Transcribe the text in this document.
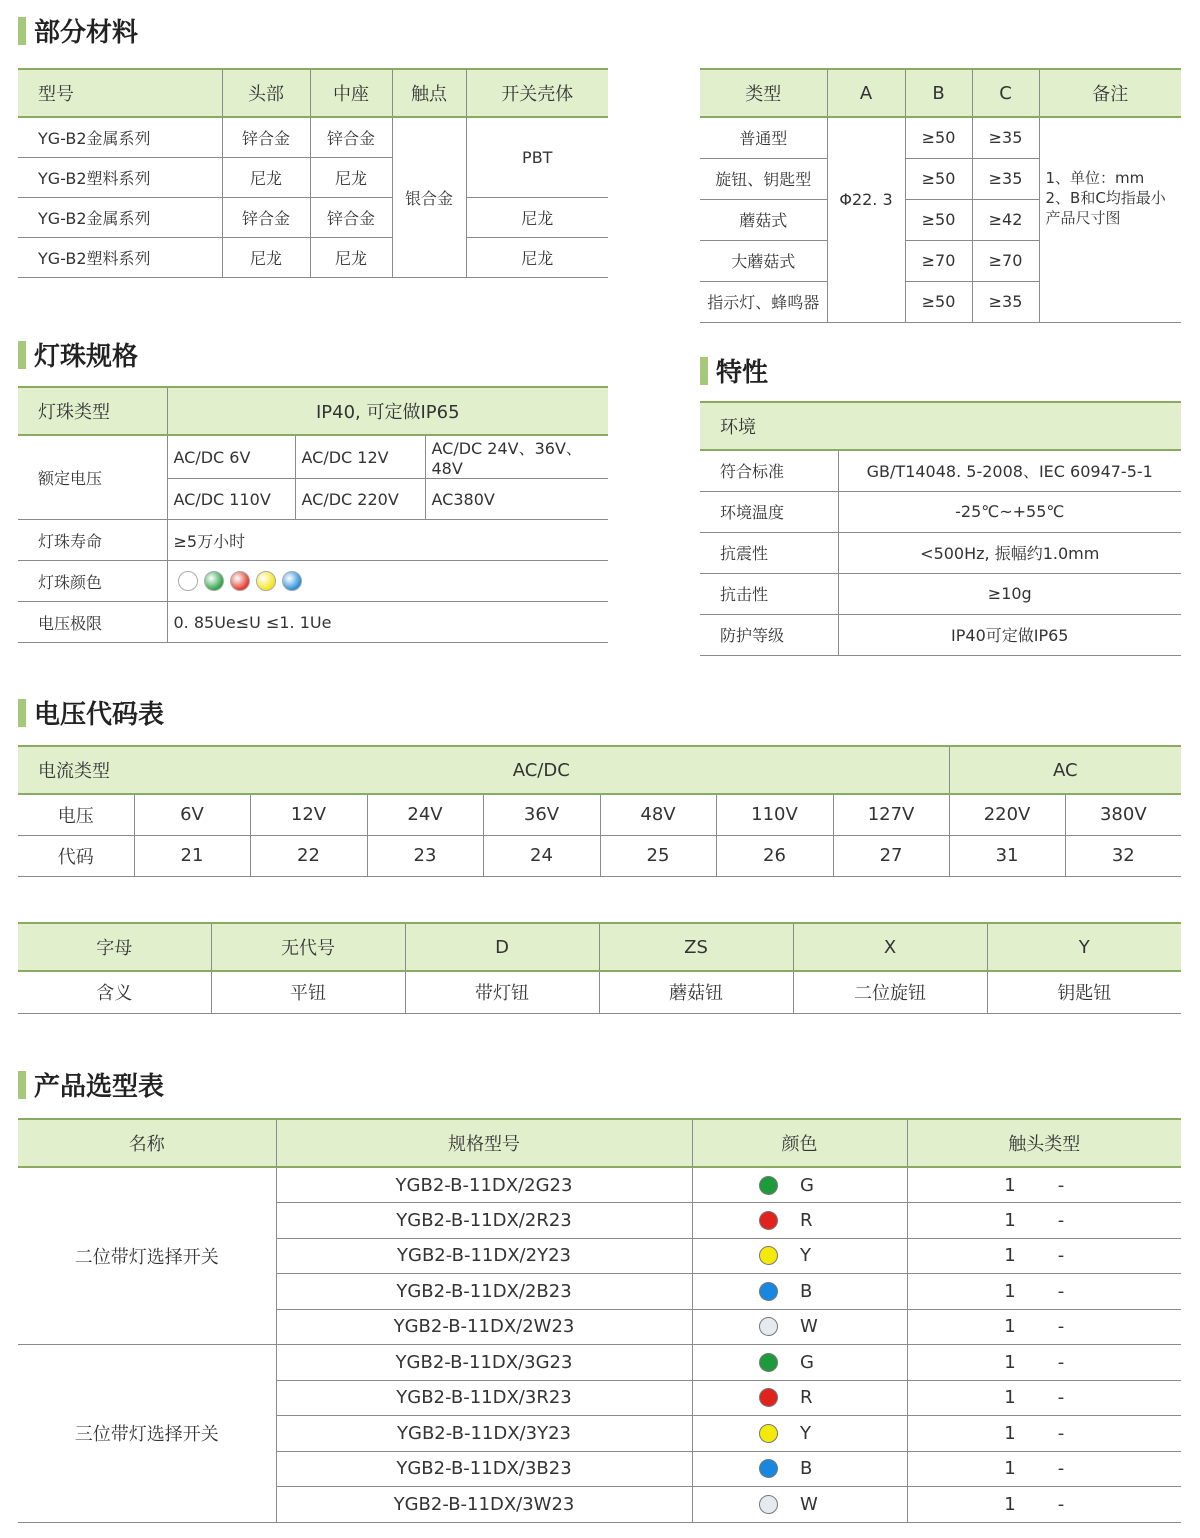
部分材料
型号	头部	中座	触点	开关壳体
YG-B2金属系列	锌合金	锌合金	银合金	PBT
YG-B2塑料系列	尼龙	尼龙		
YG-B2金属系列	锌合金	锌合金		尼龙
YG-B2塑料系列	尼龙	尼龙		尼龙
类型	A	B	C	备注
普通型	Φ22. 3	≥50	≥35	1、单位：mm
2、B和C均指最小
产品尺寸图

旋钮、钥匙型		≥50	≥35	
蘑菇式		≥50	≥42	
大蘑菇式		≥70	≥70	
指示灯、蜂鸣器		≥50	≥35	
灯珠规格
灯珠类型	IP40, 可定做IP65		
额定电压	AC/DC 6V	AC/DC 12V	AC/DC 24V、36V、48V
	AC/DC 110V	AC/DC 220V	AC380V
灯珠寿命	≥5万小时		
灯珠颜色			

电压极限	0. 85Ue≤U ≤1. 1Ue		
特性
环境	
符合标准	GB/T14048. 5-2008、IEC 60947-5-1
环境温度	-25℃~+55℃
抗震性	<500Hz, 振幅约1.0mm
抗击性	≥10g
防护等级	IP40可定做IP65
电压代码表
电流类型	AC/DC							AC	
电压	6V	12V	24V	36V	48V	110V	127V	220V	380V
代码	21	22	23	24	25	26	27	31	32
字母	无代号	D	ZS	X	Y
含义	平钮	带灯钮	蘑菇钮	二位旋钮	钥匙钮
产品选型表
名称	规格型号	颜色	触头类型
二位带灯选择开关	YGB2-B-11DX/2G23	G	1 -

	YGB2-B-11DX/2R23	R	1 -

	YGB2-B-11DX/2Y23	Y	1 -

	YGB2-B-11DX/2B23	B	1 -

	YGB2-B-11DX/2W23	W	1 -

三位带灯选择开关	YGB2-B-11DX/3G23	G	1 -

	YGB2-B-11DX/3R23	R	1 -

	YGB2-B-11DX/3Y23	Y	1 -

	YGB2-B-11DX/3B23	B	1 -

	YGB2-B-11DX/3W23	W	1 -
